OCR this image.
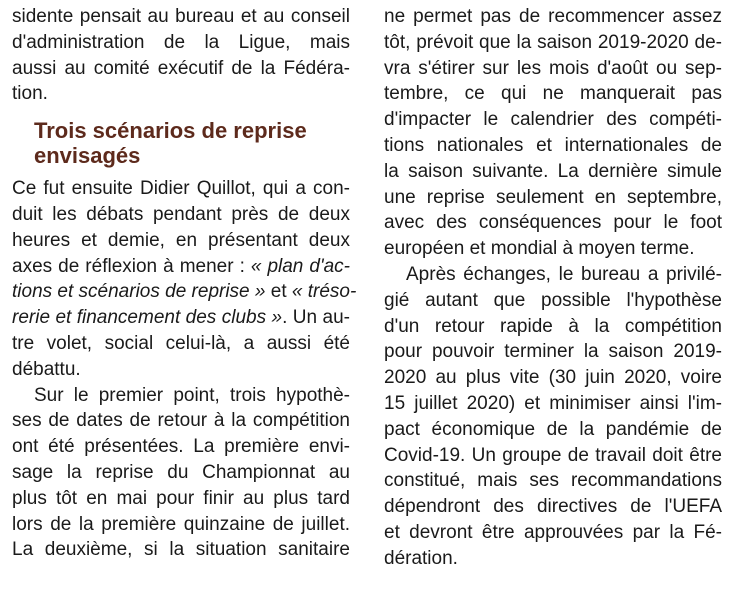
sidente pensait au bureau et au conseil
d'administration de la Ligue, mais
aussi au comité exécutif de la Fédéra-
tion.
Trois scénarios de reprise
envisagés
Ce fut ensuite Didier Quillot, qui a con-
duit les débats pendant près de deux
heures et demie, en présentant deux
axes de réflexion à mener : « plan d'ac-
tions et scénarios de reprise » et « tréso-
rerie et financement des clubs ». Un au-
tre volet, social celui-là, a aussi été
débattu.
Sur le premier point, trois hypothè-
ses de dates de retour à la compétition
ont été présentées. La première envi-
sage la reprise du Championnat au
plus tôt en mai pour finir au plus tard
lors de la première quinzaine de juillet.
La deuxième, si la situation sanitaire
ne permet pas de recommencer assez
tôt, prévoit que la saison 2019-2020 de-
vra s'étirer sur les mois d'août ou sep-
tembre, ce qui ne manquerait pas
d'impacter le calendrier des compéti-
tions nationales et internationales de
la saison suivante. La dernière simule
une reprise seulement en septembre,
avec des conséquences pour le foot
européen et mondial à moyen terme.
Après échanges, le bureau a privilé-
gié autant que possible l'hypothèse
d'un retour rapide à la compétition
pour pouvoir terminer la saison 2019-
2020 au plus vite (30 juin 2020, voire
15 juillet 2020) et minimiser ainsi l'im-
pact économique de la pandémie de
Covid-19. Un groupe de travail doit être
constitué, mais ses recommandations
dépendront des directives de l'UEFA
et devront être approuvées par la Fé-
dération.
